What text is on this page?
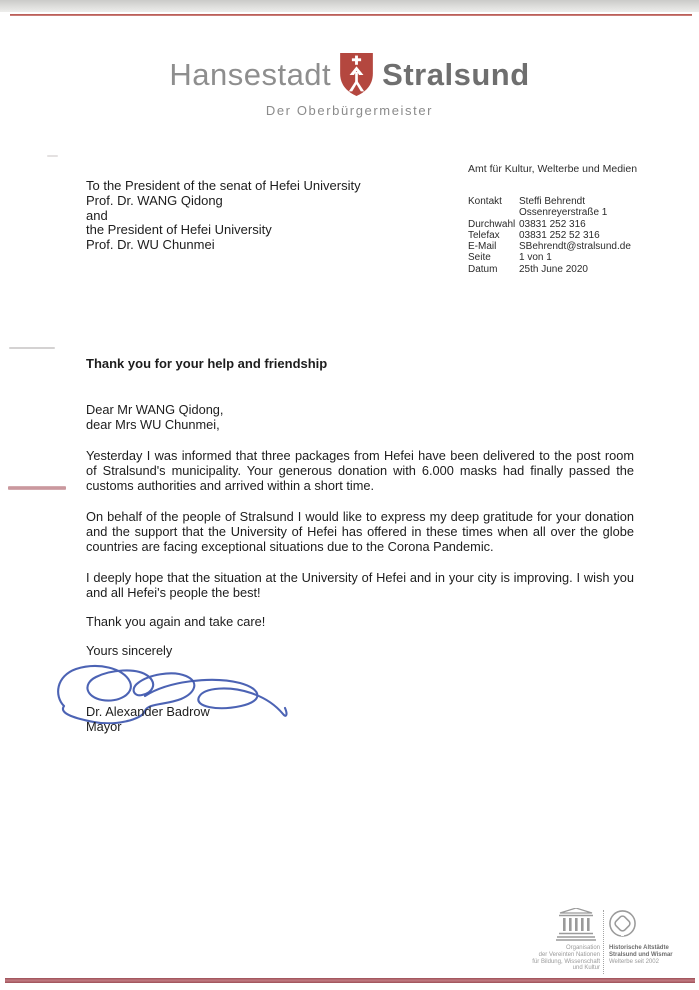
Hansestadt Stralsund
Der Oberbürgermeister
To the President of the senat of Hefei University
Prof. Dr. WANG Qidong
and
the President of Hefei University
Prof. Dr. WU Chunmei
Amt für Kultur, Welterbe und Medien
Kontakt	Steffi Behrendt
Ossenreyerstraße 1
Durchwahl 03831 252 316
Telefax	03831 252 52 316
E-Mail	SBehrendt@stralsund.de
Seite	1 von 1
Datum	25th June 2020
Thank you for your help and friendship
Dear Mr WANG Qidong,
dear Mrs WU Chunmei,
Yesterday I was informed that three packages from Hefei have been delivered to the post room of Stralsund's municipality. Your generous donation with 6.000 masks had finally passed the customs authorities and arrived within a short time.
On behalf of the people of Stralsund I would like to express my deep gratitude for your donation and the support that the University of Hefei has offered in these times when all over the globe countries are facing exceptional situations due to the Corona Pandemic.
I deeply hope that the situation at the University of Hefei and in your city is improving. I wish you and all Hefei's people the best!
Thank you again and take care!
Yours sincerely
Dr. Alexander Badrow
Mayor
Organisation
der Vereinten Nationen
für Bildung, Wissenschaft
und Kultur
Historische Altstädte
Stralsund und Wismar
Welterbe seit 2002
